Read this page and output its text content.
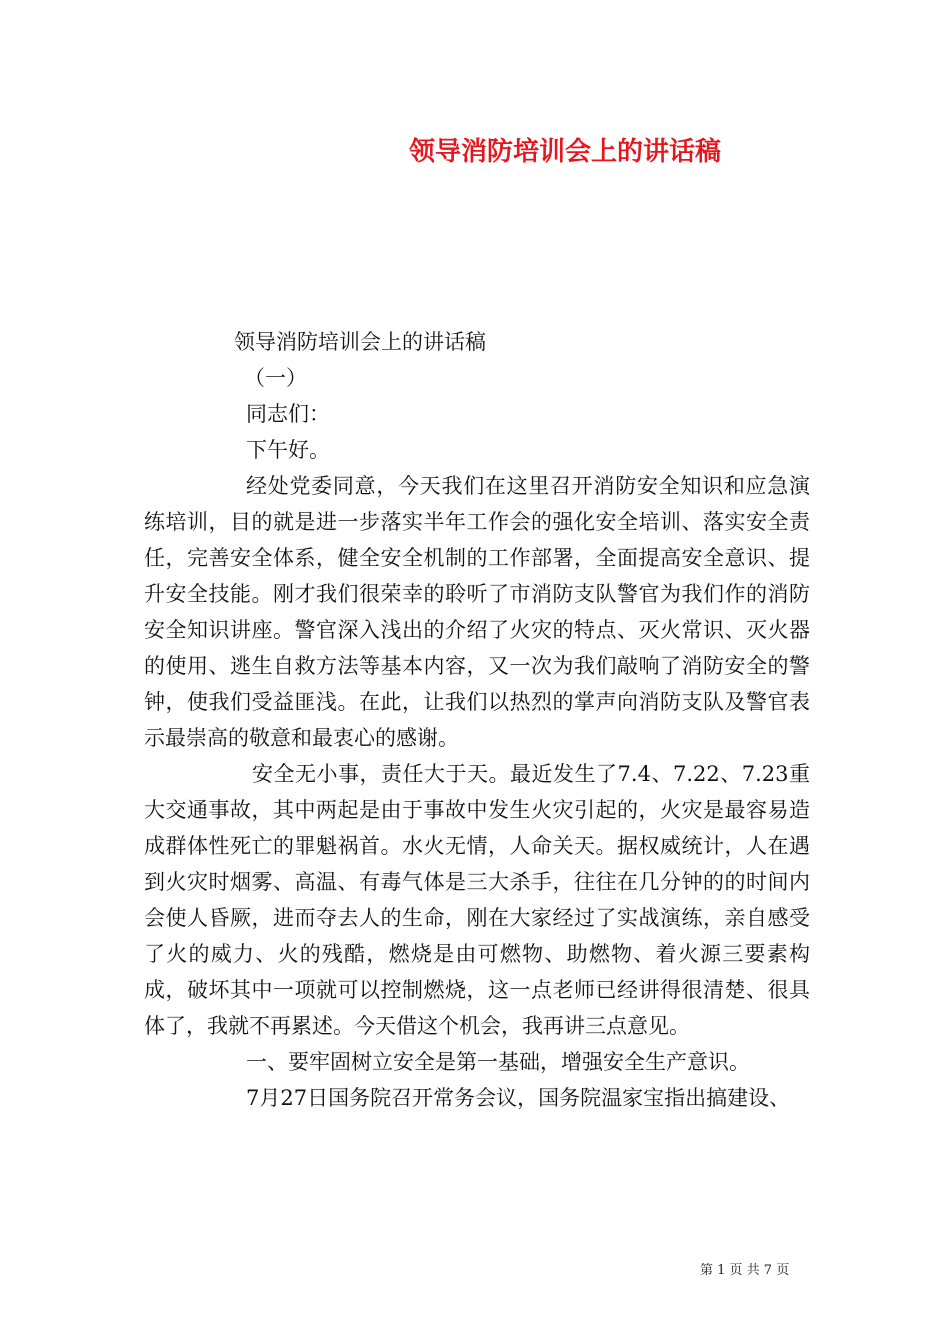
领导消防培训会上的讲话稿
领导消防培训会上的讲话稿
（一）
同志们：
下午好。

经处党委同意，今天我们在这里召开消防安全知识和应急演练培训，目的就是进一步落实半年工作会的强化安全培训、落实安全责任，完善安全体系，健全安全机制的工作部署，全面提高安全意识、提升安全技能。刚才我们很荣幸的聆听了市消防支队警官为我们作的消防安全知识讲座。警官深入浅出的介绍了火灾的特点、灭火常识、灭火器的使用、逃生自救方法等基本内容，又一次为我们敲响了消防安全的警钟，使我们受益匪浅。在此，让我们以热烈的掌声向消防支队及警官表示最崇高的敬意和最衷心的感谢。

安全无小事，责任大于天。最近发生了7.4、7.22、7.23重大交通事故，其中两起是由于事故中发生火灾引起的，火灾是最容易造成群体性死亡的罪魁祸首。水火无情，人命关天。据权威统计，人在遇到火灾时烟雾、高温、有毒气体是三大杀手，往往在几分钟的的时间内会使人昏厥，进而夺去人的生命，刚在大家经过了实战演练，亲自感受了火的威力、火的残酷，燃烧是由可燃物、助燃物、着火源三要素构成，破坏其中一项就可以控制燃烧，这一点老师已经讲得很清楚、很具体了，我就不再累述。今天借这个机会，我再讲三点意见。

一、要牢固树立安全是第一基础，增强安全生产意识。

7月27日国务院召开常务会议，国务院温家宝指出搞建设、

第 1 页 共 7 页
